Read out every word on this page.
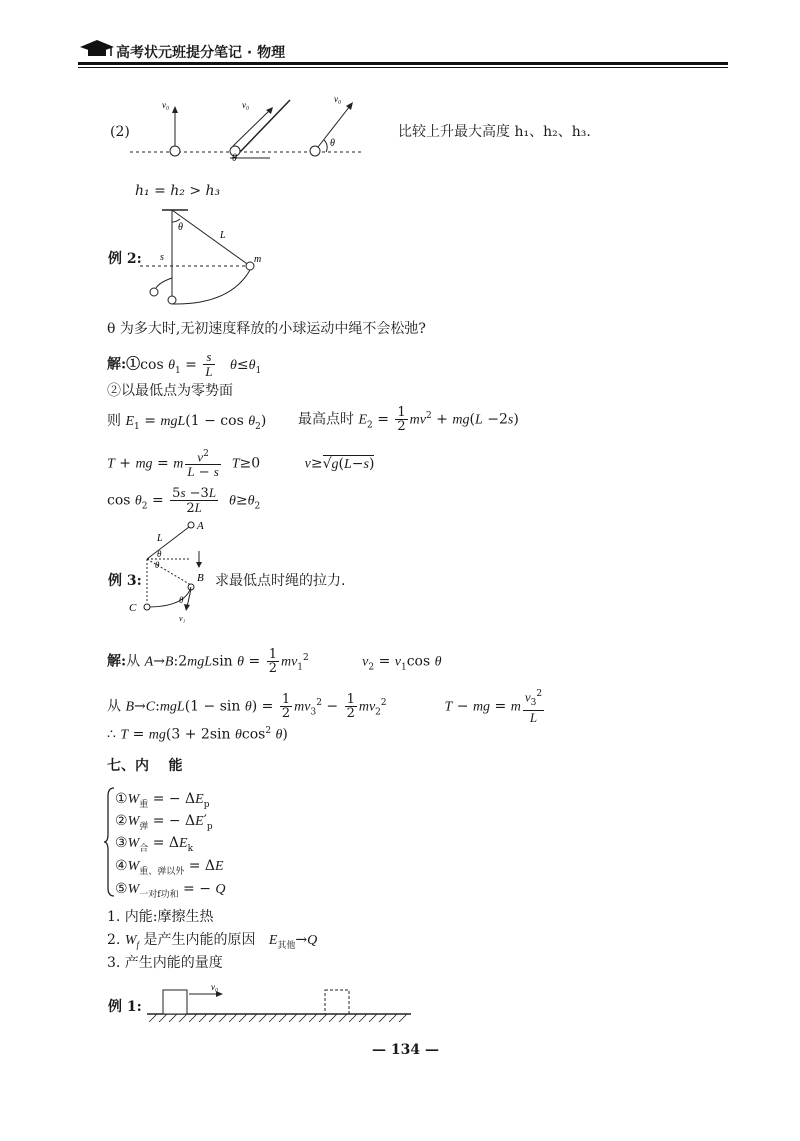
高考状元班提分笔记 · 物理
(2)
v₀	v₀
θ
v₀
θ
比较上升最大高度 h₁、h₂、h₃.
h₁ = h₂ > h₃
例 2:
θ
L
m
s
θ 为多大时,无初速度释放的小球运动中绳不会松弛?
解:①cos $\theta_1 = \frac{s}{L} \theta\le\theta_1$
②以最低点为零势面
则 $E_1 = mgL(1 - \cos \theta_2)$ 最高点时 $E_2 = \frac{1}{2} mv^2 + mg(L -2s)$
T + mg = m $\frac{v^2}{L - s} T\ge 0$          v≥√g(L−s)
$\cos \theta_2 = \frac{5s -3L}{2L} \theta\ge\theta_2$
例 3:
A
L
θ
θ
B
C
θ
v₁
求最低点时绳的拉力.
解:从 A→B:2mgLsin $\theta = \frac{1}{2} mv_1^2$	$v_2 = v_1\cos$ θ
从 B→C:mgL(1 − $\sin \theta) = \frac{1}{2} mv_3^2 - \frac{1}{2} mv_2^2$	T − mg = m $\frac{v_3^2}{L}$
∴ T = mg(3 + 2sin θcos$^2$ θ)
七、内    能
$①W_重$ = − $\Delta E_p$
$②W_弹$ = − $\Delta E'_p$
$③W_合 = \Delta E_k$
$④W_{重、弹以外} = \Delta E$
$⑤W_{一对f功和}$ = − Q
1. 内能:摩擦生热
2. $W_f$ 是产生内能的原因   $E_{其他}\to Q$
3. 产生内能的量度
例 1:
v₀
— 134 —
